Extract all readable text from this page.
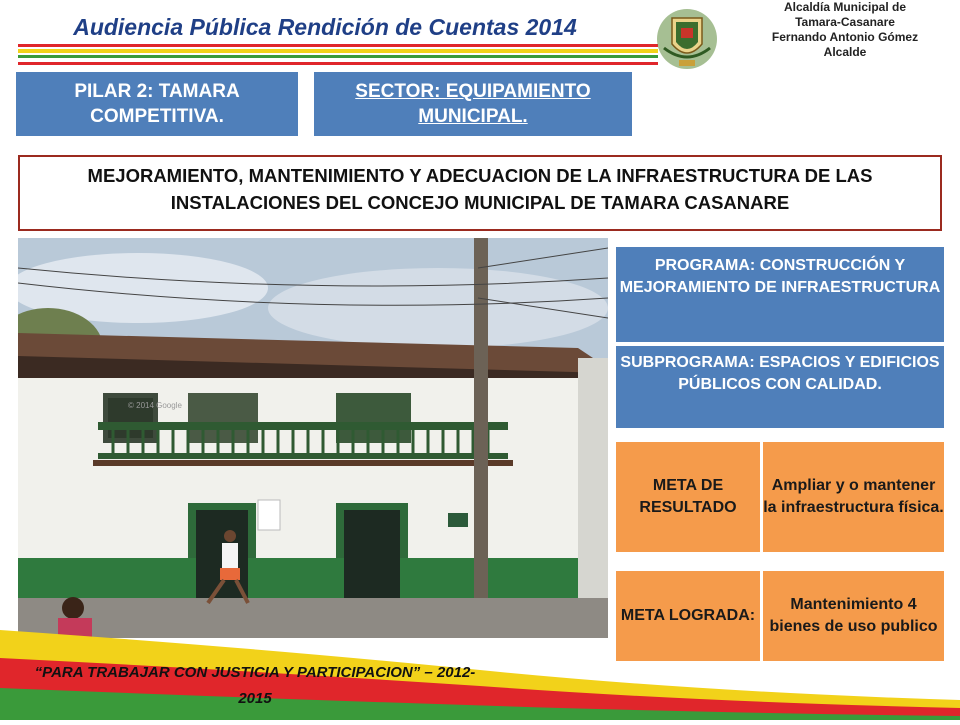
Audiencia Pública Rendición de Cuentas 2014
Alcaldía Municipal de
Tamara-Casanare
Fernando Antonio Gómez
Alcalde
PILAR 2: TAMARA COMPETITIVA.
SECTOR: EQUIPAMIENTO MUNICIPAL.
MEJORAMIENTO, MANTENIMIENTO Y ADECUACION DE LA INFRAESTRUCTURA DE LAS INSTALACIONES DEL CONCEJO MUNICIPAL DE TAMARA CASANARE
© 2014 Google
PROGRAMA: CONSTRUCCIÓN Y MEJORAMIENTO DE INFRAESTRUCTURA
SUBPROGRAMA: ESPACIOS Y EDIFICIOS PÚBLICOS CON CALIDAD.
META DE RESULTADO
Ampliar y o mantener la infraestructura física.
META LOGRADA:
Mantenimiento 4 bienes de uso publico
“PARA TRABAJAR CON JUSTICIA Y PARTICIPACION” – 2012-2015
